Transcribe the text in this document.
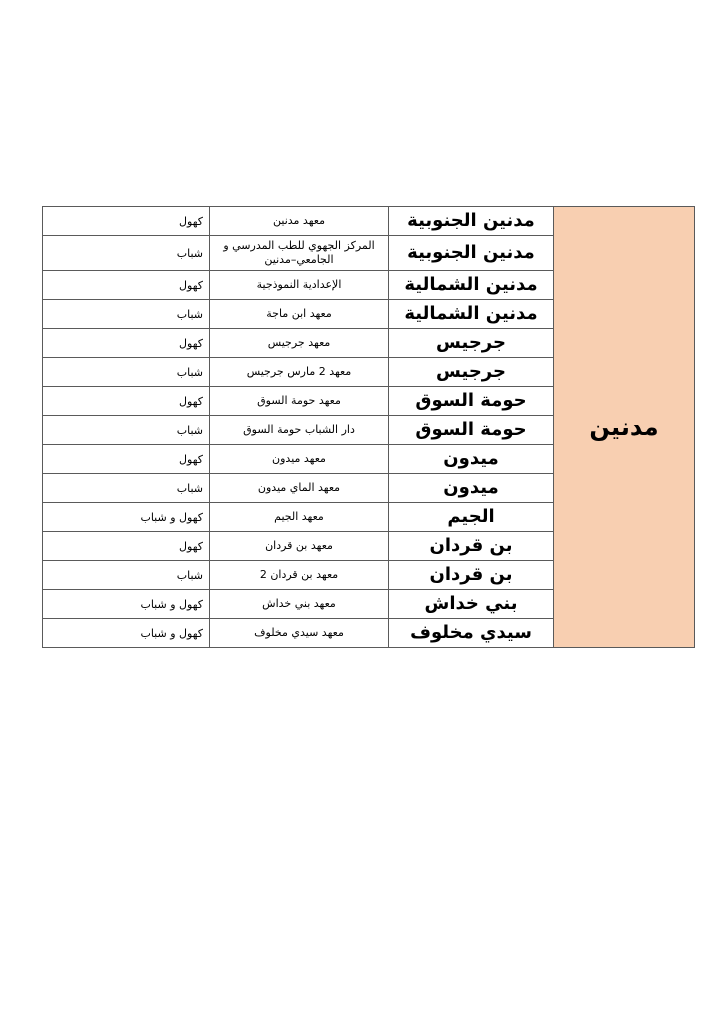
مدنين	مدنين الجنوبية	معهد مدنين	كهول
	مدنين الجنوبية	المركز الجهوي للطب المدرسي و الجامعي–مدنين	شباب
	مدنين الشمالية	الإعدادية النموذجية	كهول
	مدنين الشمالية	معهد ابن ماجة	شباب
	جرجيس	معهد جرجيس	كهول
	جرجيس	معهد 2 مارس جرجيس	شباب
	حومة السوق	معهد حومة السوق	كهول
	حومة السوق	دار الشباب حومة السوق	شباب
	ميدون	معهد ميدون	كهول
	ميدون	معهد الماي ميدون	شباب
	الجيم	معهد الجيم	كهول و شباب
	بن قردان	معهد بن قردان	كهول
	بن قردان	معهد بن قردان 2	شباب
	بني خداش	معهد بني خداش	كهول و شباب
	سيدي مخلوف	معهد سيدي مخلوف	كهول و شباب
